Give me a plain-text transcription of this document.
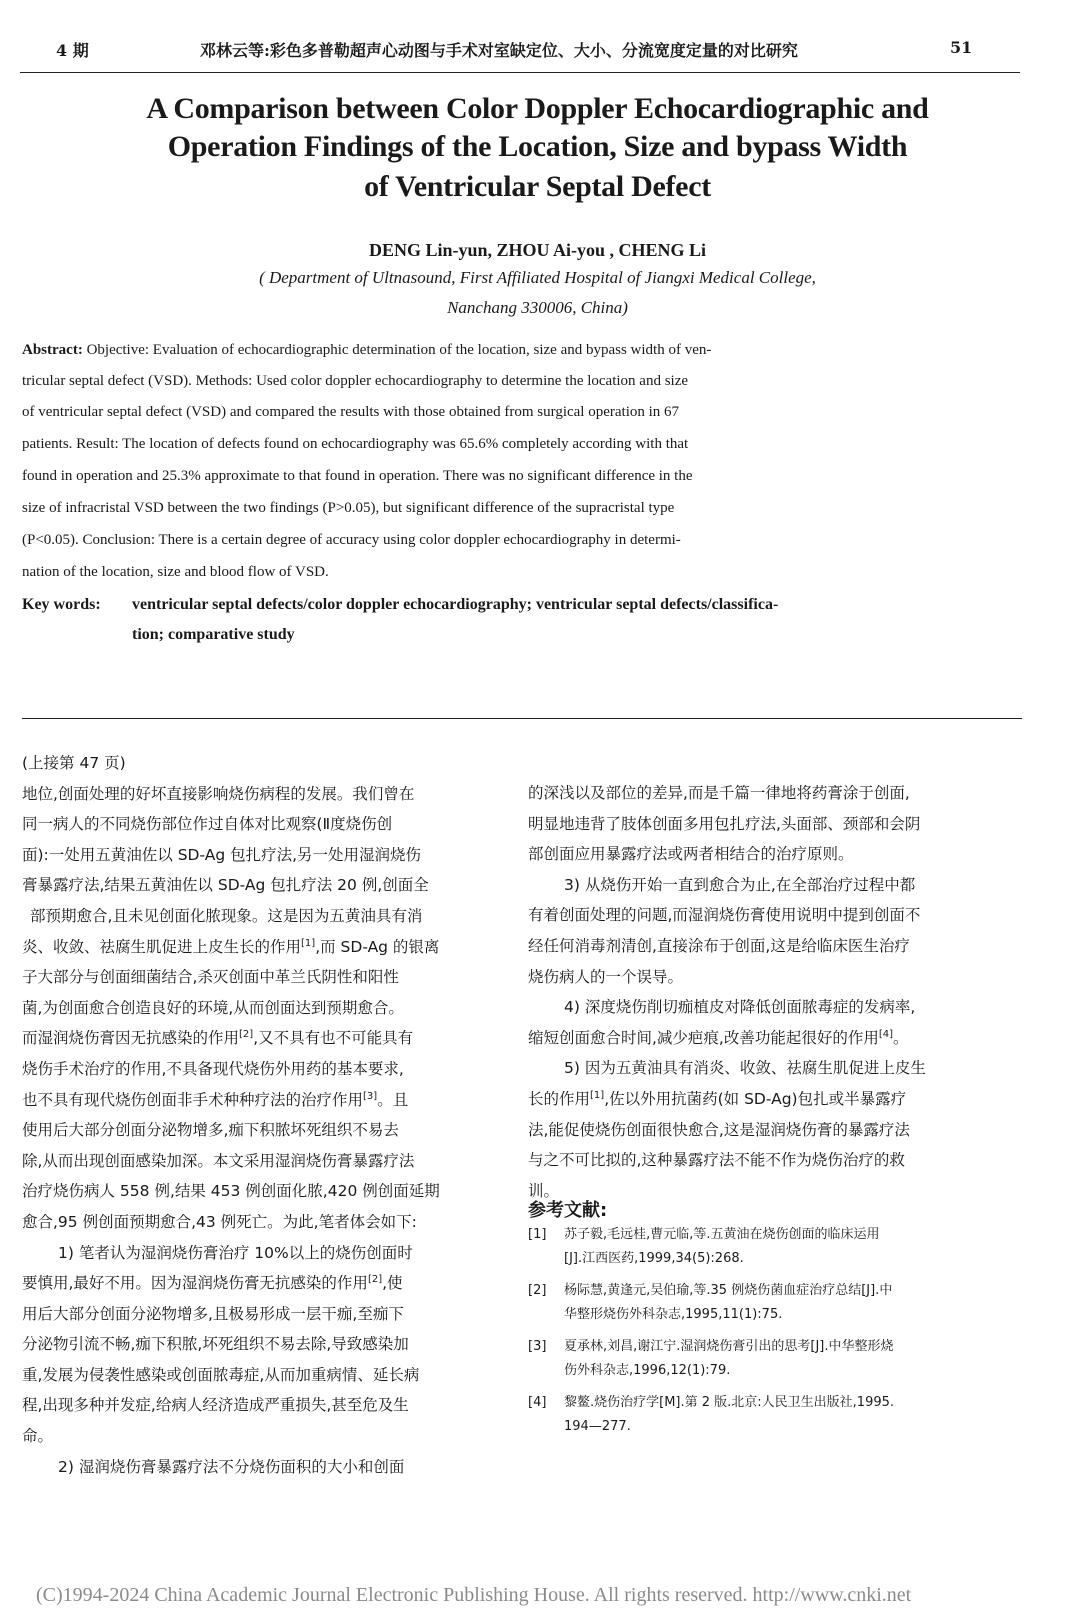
4 期	邓林云等:彩色多普勒超声心动图与手术对室缺定位、大小、分流宽度定量的对比研究	51
A Comparison between Color Doppler Echocardiographic and
Operation Findings of the Location, Size and bypass Width
of Ventricular Septal Defect
DENG Lin-yun, ZHOU Ai-you , CHENG Li
( Department of Ultnasound, First Affiliated Hospital of Jiangxi Medical College,
Nanchang 330006, China)
Abstract: Objective: Evaluation of echocardiographic determination of the location, size and bypass width of ven-
tricular septal defect (VSD). Methods: Used color doppler echocardiography to determine the location and size
of ventricular septal defect (VSD) and compared the results with those obtained from surgical operation in 67
patients. Result: The location of defects found on echocardiography was 65.6% completely according with that
found in operation and 25.3% approximate to that found in operation. There was no significant difference in the
size of infracristal VSD between the two findings (P>0.05), but significant difference of the supracristal type
(P<0.05). Conclusion: There is a certain degree of accuracy using color doppler echocardiography in determi-
nation of the location, size and blood flow of VSD.
Key words: ventricular septal defects/color doppler echocardiography; ventricular septal defects/classifica-
tion; comparative study

(上接第 47 页)

地位,创面处理的好坏直接影响烧伤病程的发展。我们曾在

同一病人的不同烧伤部位作过自体对比观察(Ⅱ度烧伤创

面):一处用五黄油佐以 SD-Ag 包扎疗法,另一处用湿润烧伤

膏暴露疗法,结果五黄油佐以 SD-Ag 包扎疗法 20 例,创面全

部预期愈合,且未见创面化脓现象。这是因为五黄油具有消

炎、收敛、祛腐生肌促进上皮生长的作用[1],而 SD-Ag 的银离

子大部分与创面细菌结合,杀灭创面中革兰氏阴性和阳性

菌,为创面愈合创造良好的环境,从而创面达到预期愈合。

而湿润烧伤膏因无抗感染的作用[2],又不具有也不可能具有

烧伤手术治疗的作用,不具备现代烧伤外用药的基本要求,

也不具有现代烧伤创面非手术种种疗法的治疗作用[3]。且

使用后大部分创面分泌物增多,痂下积脓坏死组织不易去

除,从而出现创面感染加深。本文采用湿润烧伤膏暴露疗法

治疗烧伤病人 558 例,结果 453 例创面化脓,420 例创面延期

愈合,95 例创面预期愈合,43 例死亡。为此,笔者体会如下:

1) 笔者认为湿润烧伤膏治疗 10%以上的烧伤创面时

要慎用,最好不用。因为湿润烧伤膏无抗感染的作用[2],使

用后大部分创面分泌物增多,且极易形成一层干痂,至痂下

分泌物引流不畅,痂下积脓,坏死组织不易去除,导致感染加

重,发展为侵袭性感染或创面脓毒症,从而加重病情、延长病

程,出现多种并发症,给病人经济造成严重损失,甚至危及生

命。

2) 湿润烧伤膏暴露疗法不分烧伤面积的大小和创面

的深浅以及部位的差异,而是千篇一律地将药膏涂于创面,

明显地违背了肢体创面多用包扎疗法,头面部、颈部和会阴

部创面应用暴露疗法或两者相结合的治疗原则。

3) 从烧伤开始一直到愈合为止,在全部治疗过程中都

有着创面处理的问题,而湿润烧伤膏使用说明中提到创面不

经任何消毒剂清创,直接涂布于创面,这是给临床医生治疗

烧伤病人的一个误导。

4) 深度烧伤削切痂植皮对降低创面脓毒症的发病率,

缩短创面愈合时间,减少疤痕,改善功能起很好的作用[4]。

5) 因为五黄油具有消炎、收敛、祛腐生肌促进上皮生

长的作用[1],佐以外用抗菌药(如 SD-Ag)包扎或半暴露疗

法,能促使烧伤创面很快愈合,这是湿润烧伤膏的暴露疗法

与之不可比拟的,这种暴露疗法不能不作为烧伤治疗的救

训。

参考文献:
[1] 苏子毅,毛远桂,曹元临,等.五黄油在烧伤创面的临床运用
[J].江西医药,1999,34(5):268.
[2] 杨际慧,黄逢元,吴伯瑜,等.35 例烧伤菌血症治疗总结[J].中
华整形烧伤外科杂志,1995,11(1):75.
[3] 夏承林,刘昌,谢江宁.湿润烧伤膏引出的思考[J].中华整形烧
伤外科杂志,1996,12(1):79.
[4] 黎鳌.烧伤治疗学[M].第 2 版.北京:人民卫生出版社,1995.
194—277.
(C)1994-2024 China Academic Journal Electronic Publishing House. All rights reserved. http://www.cnki.net
